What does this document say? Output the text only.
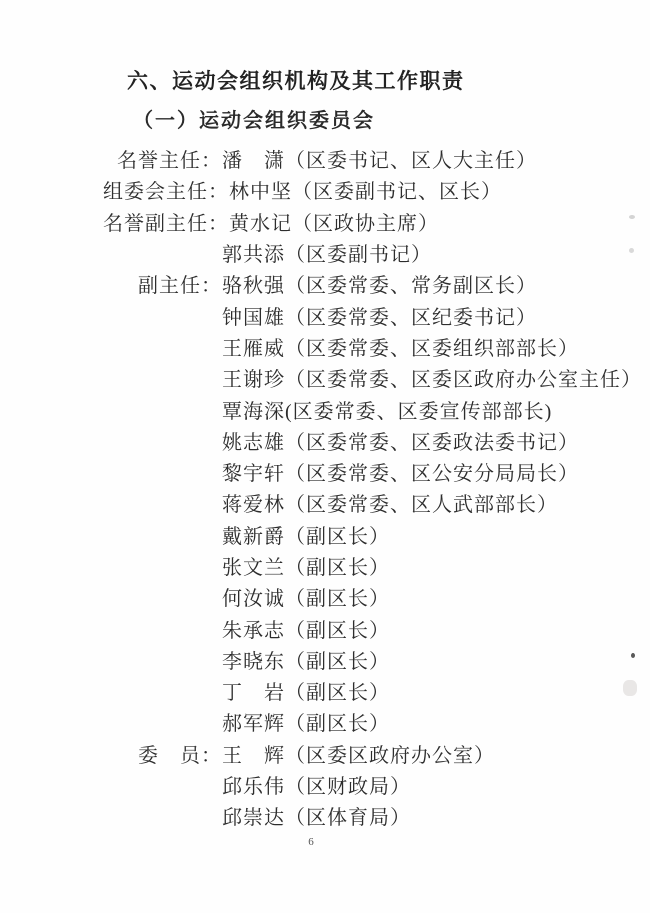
六、运动会组织机构及其工作职责
（一）运动会组织委员会
名誉主任： 潘　潇（区委书记、区人大主任）
组委会主任： 林中坚（区委副书记、区长）
名誉副主任： 黄水记（区政协主席）
郭共添（区委副书记）
副主任： 骆秋强（区委常委、常务副区长）
钟国雄（区委常委、区纪委书记）
王雁威（区委常委、区委组织部部长）
王谢珍（区委常委、区委区政府办公室主任）
覃海深(区委常委、区委宣传部部长)
姚志雄（区委常委、区委政法委书记）
黎宇轩（区委常委、区公安分局局长）
蒋爱林（区委常委、区人武部部长）
戴新爵（副区长）
张文兰（副区长）
何汝诚（副区长）
朱承志（副区长）
李晓东（副区长）
丁　岩（副区长）
郝军辉（副区长）
委　员： 王　辉（区委区政府办公室）
邱乐伟（区财政局）
邱崇达（区体育局）
6
